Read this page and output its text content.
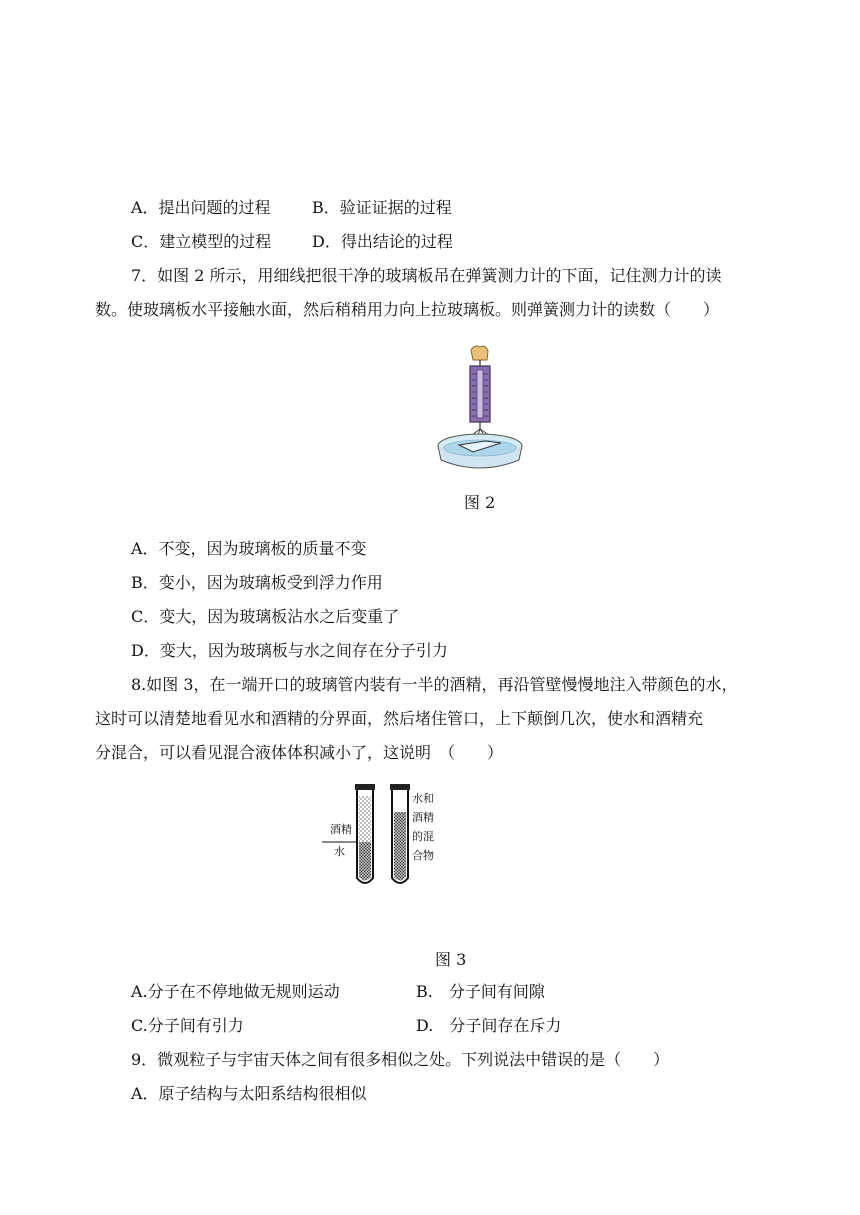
A．提出问题的过程	B．验证证据的过程
C．建立模型的过程	D．得出结论的过程
7．如图 2 所示，用细线把很干净的玻璃板吊在弹簧测力计的下面，记住测力计的读
数。使玻璃板水平接触水面，然后稍稍用力向上拉玻璃板。则弹簧测力计的读数（　　）
图 2
A．不变，因为玻璃板的质量不变
B．变小，因为玻璃板受到浮力作用
C．变大，因为玻璃板沾水之后变重了
D．变大，因为玻璃板与水之间存在分子引力
8.如图 3，在一端开口的玻璃管内装有一半的酒精，再沿管壁慢慢地注入带颜色的水，
这时可以清楚地看见水和酒精的分界面，然后堵住管口，上下颠倒几次，使水和酒精充
分混合，可以看见混合液体体积减小了，这说明　（　　）
酒精
水
水和
酒精
的混
合物
图 3
A.分子在不停地做无规则运动	B.　分子间有间隙
C.分子间有引力	D.　分子间存在斥力
9．微观粒子与宇宙天体之间有很多相似之处。下列说法中错误的是（　　）
A．原子结构与太阳系结构很相似
